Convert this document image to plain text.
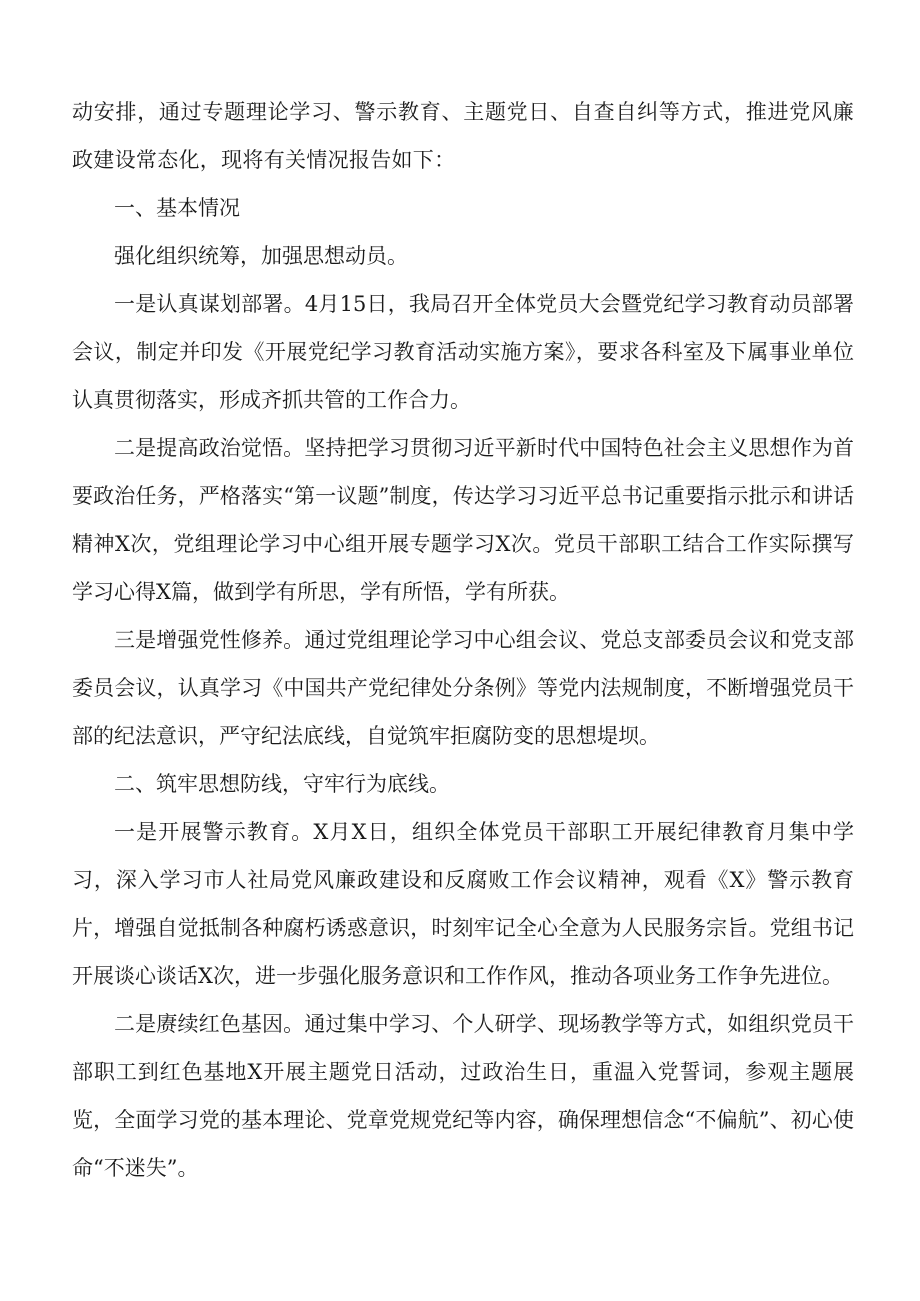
动安排，通过专题理论学习、警示教育、主题党日、自查自纠等方式，推进党风廉政建设常态化，现将有关情况报告如下：

一、基本情况

强化组织统筹，加强思想动员。

一是认真谋划部署。4月15日，我局召开全体党员大会暨党纪学习教育动员部署会议，制定并印发《开展党纪学习教育活动实施方案》，要求各科室及下属事业单位认真贯彻落实，形成齐抓共管的工作合力。

二是提高政治觉悟。坚持把学习贯彻习近平新时代中国特色社会主义思想作为首要政治任务，严格落实“第一议题”制度，传达学习习近平总书记重要指示批示和讲话精神X次，党组理论学习中心组开展专题学习X次。党员干部职工结合工作实际撰写学习心得X篇，做到学有所思，学有所悟，学有所获。

三是增强党性修养。通过党组理论学习中心组会议、党总支部委员会议和党支部委员会议，认真学习《中国共产党纪律处分条例》等党内法规制度，不断增强党员干部的纪法意识，严守纪法底线，自觉筑牢拒腐防变的思想堤坝。

二、筑牢思想防线，守牢行为底线。

一是开展警示教育。X月X日，组织全体党员干部职工开展纪律教育月集中学习，深入学习市人社局党风廉政建设和反腐败工作会议精神，观看《X》警示教育片，增强自觉抵制各种腐朽诱惑意识，时刻牢记全心全意为人民服务宗旨。党组书记开展谈心谈话X次，进一步强化服务意识和工作作风，推动各项业务工作争先进位。

二是赓续红色基因。通过集中学习、个人研学、现场教学等方式，如组织党员干部职工到红色基地X开展主题党日活动，过政治生日，重温入党誓词，参观主题展览，全面学习党的基本理论、党章党规党纪等内容，确保理想信念“不偏航”、初心使命“不迷失”。
